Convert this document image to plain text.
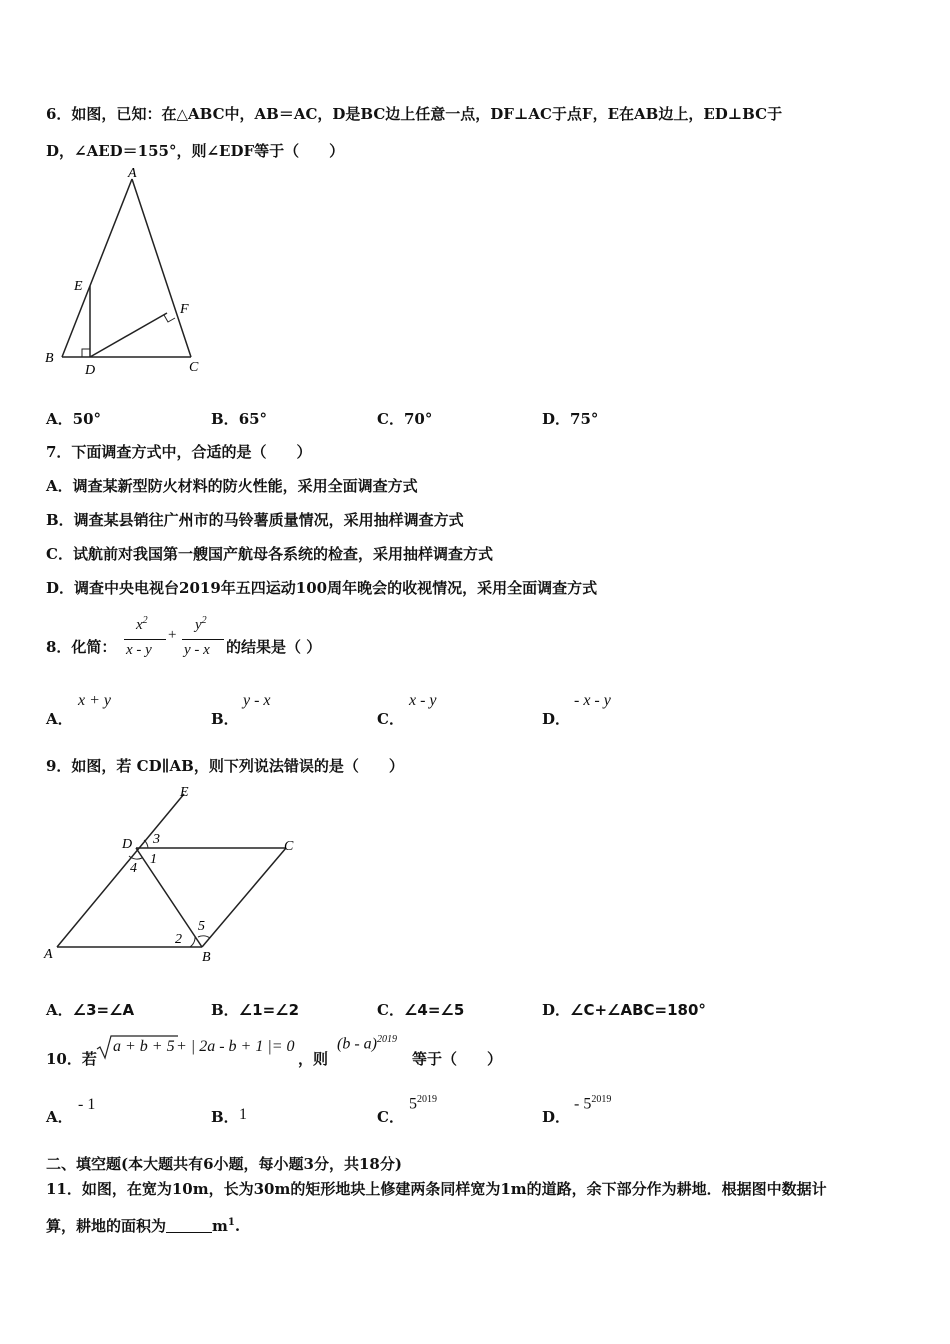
6．如图，已知：在△ABC中，AB＝AC，D是BC边上任意一点，DF⊥AC于点F，E在AB边上，ED⊥BC于
D，∠AED＝155°，则∠EDF等于（　　）
A
B
C
D
E
F
A．50°	B．65°	C．70°	D．75°
7．下面调查方式中，合适的是（　　）
A．调查某新型防火材料的防火性能，采用全面调查方式
B．调查某县销往广州市的马铃薯质量情况，采用抽样调查方式
C．试航前对我国第一艘国产航母各系统的检查，采用抽样调查方式
D．调查中央电视台2019年五四运动100周年晚会的收视情况，采用全面调查方式
8．化简：
$x^2$
x - y
+
$y^2$
y - x 的结果是（ ）
A．
x + y
B．
y - x
C．
x - y
D．
- x - y
9．如图，若 CD∥AB，则下列说法错误的是（　　）
E
D	C
A	B
3
1
4
2
5
A．∠3=∠A	B．∠1=∠2	C．∠4=∠5	D．∠C+∠ABC=180°
10．若
a + b + 5 + | 2a - b + 1 |= 0
，则
(b - a)$^{2019}$
等于（　　）
A．
- 1
B． 1	C．
$5^{2019}$
D．
- $5^{2019}$
二、填空题(本大题共有6小题，每小题3分，共18分)
11．如图，在宽为10m，长为30m的矩形地块上修建两条同样宽为1m的道路，余下部分作为耕地．根据图中数据计
算，耕地的面积为	$m^1$.
